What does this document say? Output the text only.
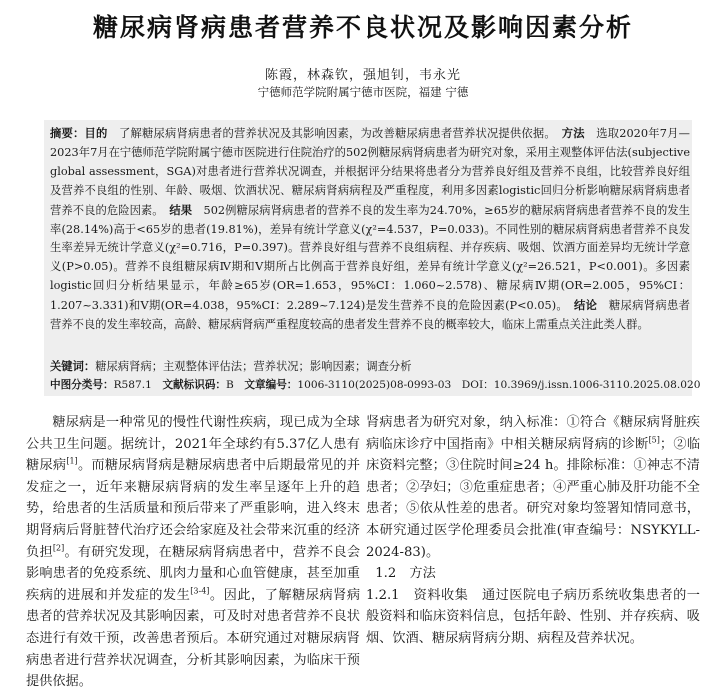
糖尿病肾病患者营养不良状况及影响因素分析
陈霞，林森钦，强旭钊，韦永光
宁德师范学院附属宁德市医院，福建 宁德

摘要：目的　 了解糖尿病肾病患者的营养状况及其影响因素，为改善糖尿病患者营养状况提供依据。　 方法　 选取2020年7月—2023年7月在宁德师范学院附属宁德市医院进行住院治疗的502例糖尿病肾病患者为研究对象，采用主观整体评估法(subjective global assessment，SGA)对患者进行营养状况调查，并根据评分结果将患者分为营养良好组及营养不良组，比较营养良好组及营养不良组的性别、年龄、吸烟、饮酒状况、糖尿病肾病病程及严重程度，利用多因素logistic回归分析影响糖尿病肾病患者营养不良的危险因素。　 结果　 502例糖尿病肾病患者的营养不良的发生率为24.70%，≥65岁的糖尿病肾病患者营养不良的发生率(28.14%)高于<65岁的患者(19.81%)，差异有统计学意义(χ²=4.537，P=0.033)。不同性别的糖尿病肾病患者营养不良发生率差异无统计学意义(χ²=0.716，P=0.397)。营养良好组与营养不良组病程、并存疾病、吸烟、饮酒方面差异均无统计学意义(P>0.05)。营养不良组糖尿病Ⅳ期和Ⅴ期所占比例高于营养良好组，差异有统计学意义(χ²=26.521，P<0.001)。多因素logistic回归分析结果显示，年龄≥65岁(OR=1.653，95%CI：1.060~2.578)、糖尿病Ⅳ期(OR=2.005，95%CI：1.207~3.331)和Ⅴ期(OR=4.038，95%CI：2.289~7.124)是发生营养不良的危险因素(P<0.05)。　 结论　 糖尿病肾病患者营养不良的发生率较高，高龄、糖尿病肾病严重程度较高的患者发生营养不良的概率较大，临床上需重点关注此类人群。

关键词：糖尿病肾病；主观整体评估法；营养状况；影响因素；调查分析

中图分类号：R587.1　 文献标识码：B　 文章编号：1006-3110(2025)08-0993-03　 DOI：10.3969/j.issn.1006-3110.2025.08.020

糖尿病是一种常见的慢性代谢性疾病，现已成为全球公共卫生问题。据统计，2021年全球约有5.37亿人患有糖尿病[1]。而糖尿病肾病是糖尿病患者中后期最常见的并发症之一，近年来糖尿病肾病的发生率呈逐年上升的趋势，给患者的生活质量和预后带来了严重影响，进入终末期肾病后肾脏替代治疗还会给家庭及社会带来沉重的经济负担[2]。有研究发现，在糖尿病肾病患者中，营养不良会影响患者的免疫系统、肌肉力量和心血管健康，甚至加重疾病的进展和并发症的发生[3-4]。因此，了解糖尿病肾病患者的营养状况及其影响因素，可及时对患者营养不良状态进行有效干预，改善患者预后。本研究通过对糖尿病肾病患者进行营养状况调查，分析其影响因素，为临床干预提供依据。

肾病患者为研究对象，纳入标准：①符合《糖尿病肾脏疾病临床诊疗中国指南》中相关糖尿病肾病的诊断[5]；②临床资料完整；③住院时间≥24 h。排除标准：①神志不清患者；②孕妇；③危重症患者；④严重心肺及肝功能不全患者；⑤依从性差的患者。研究对象均签署知情同意书，本研究通过医学伦理委员会批准(审查编号：NSYKYLL-2024-83)。

1.2　方法

1.2.1　资料收集　 通过医院电子病历系统收集患者的一般资料和临床资料信息，包括年龄、性别、并存疾病、吸烟、饮酒、糖尿病肾病分期、病程及营养状况。
